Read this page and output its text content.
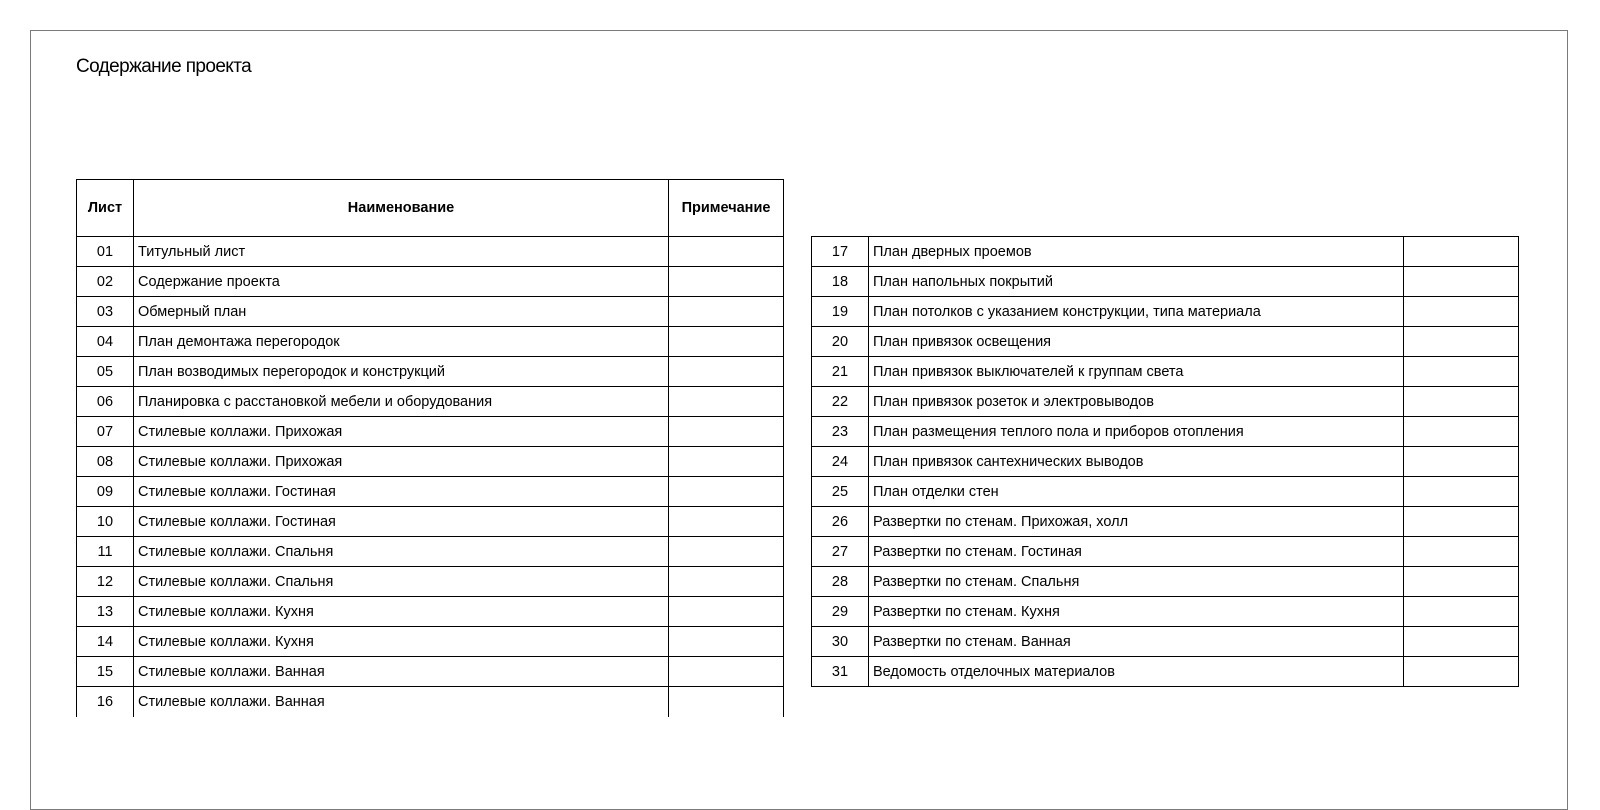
Содержание проекта
Лист	Наименование	Примечание
01	Титульный лист	
02	Содержание проекта	
03	Обмерный план	
04	План демонтажа перегородок	
05	План возводимых перегородок и конструкций	
06	Планировка с расстановкой мебели и оборудования	
07	Стилевые коллажи. Прихожая	
08	Стилевые коллажи. Прихожая	
09	Стилевые коллажи. Гостиная	
10	Стилевые коллажи. Гостиная	
11	Стилевые коллажи. Спальня	
12	Стилевые коллажи. Спальня	
13	Стилевые коллажи. Кухня	
14	Стилевые коллажи. Кухня	
15	Стилевые коллажи. Ванная	
16	Стилевые коллажи. Ванная	
17	План дверных проемов	
18	План напольных покрытий	
19	План потолков с указанием конструкции, типа материала	
20	План привязок освещения	
21	План привязок выключателей к группам света	
22	План привязок розеток и электровыводов	
23	План размещения теплого пола и приборов отопления	
24	План привязок сантехнических выводов	
25	План отделки стен	
26	Развертки по стенам. Прихожая, холл	
27	Развертки по стенам. Гостиная	
28	Развертки по стенам. Спальня	
29	Развертки по стенам. Кухня	
30	Развертки по стенам. Ванная	
31	Ведомость отделочных материалов	
